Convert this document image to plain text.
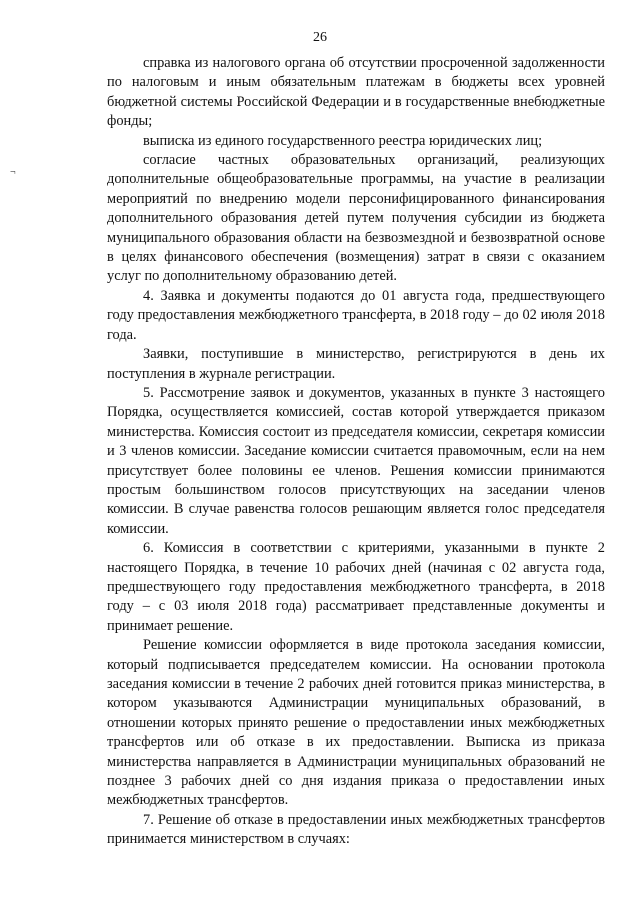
26
¬

справка из налогового органа об отсутствии просроченной задолженности по налоговым и иным обязательным платежам в бюджеты всех уровней бюджетной системы Российской Федерации и в государственные внебюджетные фонды;

выписка из единого государственного реестра юридических лиц;

согласие частных образовательных организаций, реализующих дополнительные общеобразовательные программы, на участие в реализации мероприятий по внедрению модели персонифицированного финансирования дополнительного образования детей путем получения субсидии из бюджета муниципального образования области на безвозмездной и безвозвратной основе в целях финансового обеспечения (возмещения) затрат в связи с оказанием услуг по дополнительному образованию детей.

4. Заявка и документы подаются до 01 августа года, предшествующего году предоставления межбюджетного трансферта, в 2018 году – до 02 июля 2018 года.

Заявки, поступившие в министерство, регистрируются в день их поступления в журнале регистрации.

5. Рассмотрение заявок и документов, указанных в пункте 3 настоящего Порядка, осуществляется комиссией, состав которой утверждается приказом министерства. Комиссия состоит из председателя комиссии, секретаря комиссии и 3 членов комиссии. Заседание комиссии считается правомочным, если на нем присутствует более половины ее членов. Решения комиссии принимаются простым большинством голосов присутствующих на заседании членов комиссии. В случае равенства голосов решающим является голос председателя комиссии.

6. Комиссия в соответствии с критериями, указанными в пункте 2 настоящего Порядка, в течение 10 рабочих дней (начиная с 02 августа года, предшествующего году предоставления межбюджетного трансферта, в 2018 году – с 03 июля 2018 года) рассматривает представленные документы и принимает решение.

Решение комиссии оформляется в виде протокола заседания комиссии, который подписывается председателем комиссии. На основании протокола заседания комиссии в течение 2 рабочих дней готовится приказ министерства, в котором указываются Администрации муниципальных образований, в отношении которых принято решение о предоставлении иных межбюджетных трансфертов или об отказе в их предоставлении. Выписка из приказа министерства направляется в Администрации муниципальных образований не позднее 3 рабочих дней со дня издания приказа о предоставлении иных межбюджетных трансфертов.

7. Решение об отказе в предоставлении иных межбюджетных трансфертов принимается министерством в случаях:
